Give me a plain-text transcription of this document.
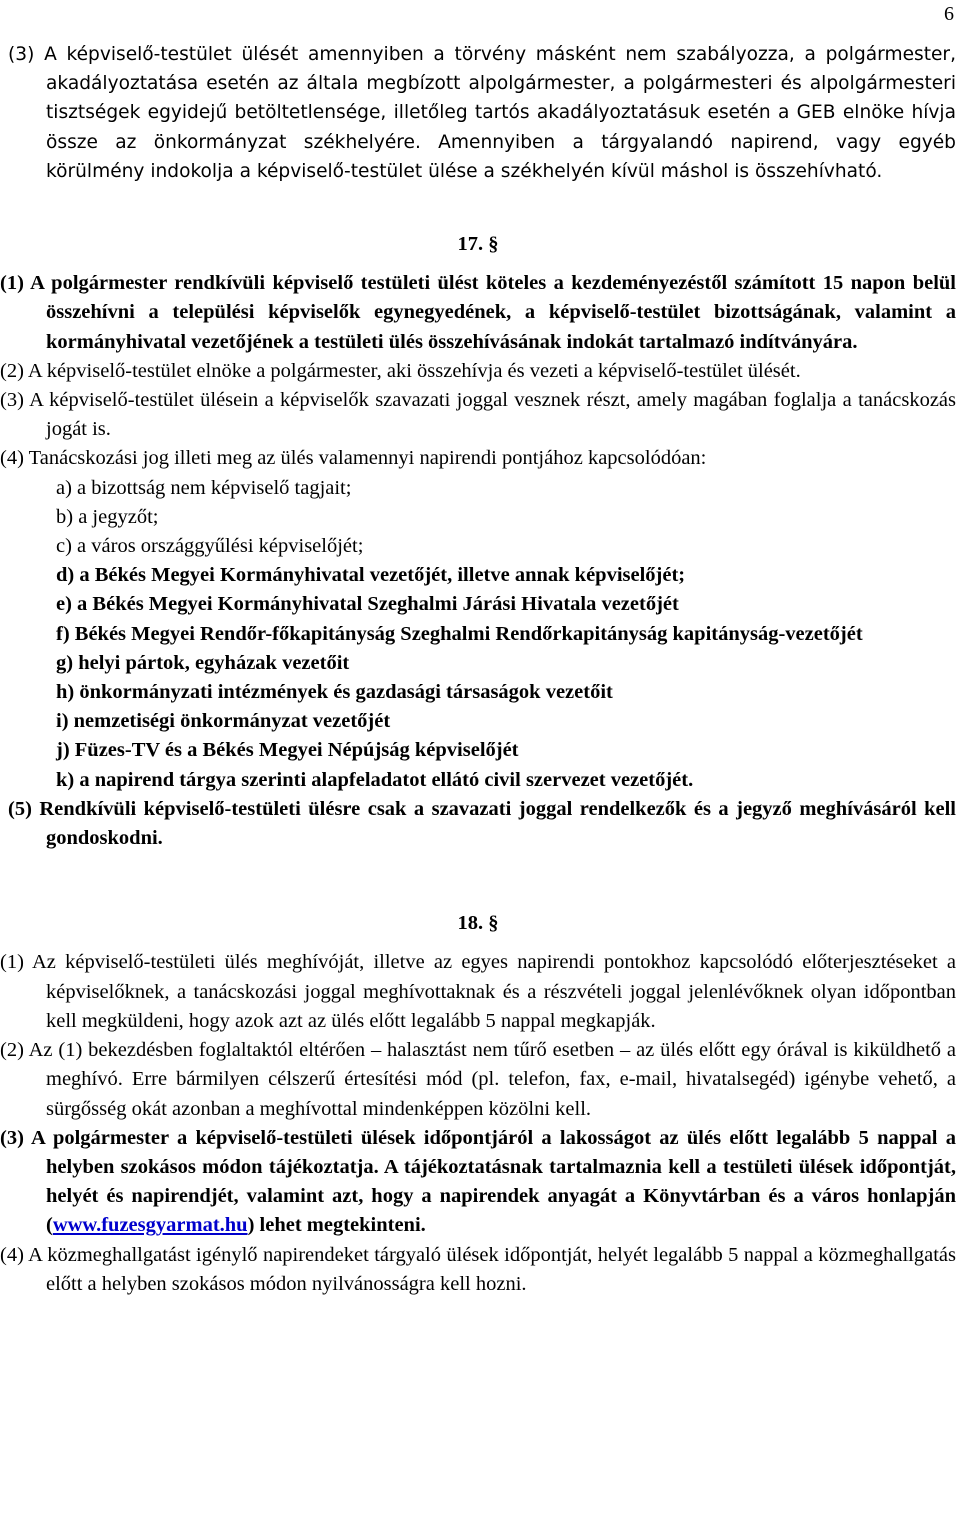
6

(3) A képviselő-testület ülését amennyiben a törvény másként nem szabályozza, a polgármester, akadályoztatása esetén az általa megbízott alpolgármester, a polgármesteri és alpolgármesteri tisztségek egyidejű betöltetlensége, illetőleg tartós akadályoztatásuk esetén a GEB elnöke hívja össze az önkormányzat székhelyére. Amennyiben a tárgyalandó napirend, vagy egyéb körülmény indokolja a képviselő-testület ülése a székhelyén kívül máshol is összehívható.

17. §

(1) A polgármester rendkívüli képviselő testületi ülést köteles a kezdeményezéstől számított 15 napon belül összehívni a települési képviselők egynegyedének, a képviselő-testület bizottságának, valamint a kormányhivatal vezetőjének a testületi ülés összehívásának indokát tartalmazó indítványára.

(2) A képviselő-testület elnöke a polgármester, aki összehívja és vezeti a képviselő-testület ülését.

(3) A képviselő-testület ülésein a képviselők szavazati joggal vesznek részt, amely magában foglalja a tanácskozás jogát is.

(4) Tanácskozási jog illeti meg az ülés valamennyi napirendi pontjához kapcsolódóan:

a) a bizottság nem képviselő tagjait;

b) a jegyzőt;

c) a város országgyűlési képviselőjét;

d) a Békés Megyei Kormányhivatal vezetőjét, illetve annak képviselőjét;

e) a Békés Megyei Kormányhivatal Szeghalmi Járási Hivatala vezetőjét

f) Békés Megyei Rendőr-főkapitányság Szeghalmi Rendőrkapitányság kapitányság-vezetőjét

g) helyi pártok, egyházak vezetőit

h) önkormányzati intézmények és gazdasági társaságok vezetőit

i) nemzetiségi önkormányzat vezetőjét

j) Füzes-TV és a Békés Megyei Népújság képviselőjét

k) a napirend tárgya szerinti alapfeladatot ellátó civil szervezet vezetőjét.

(5) Rendkívüli képviselő-testületi ülésre csak a szavazati joggal rendelkezők és a jegyző meghívásáról kell gondoskodni.

18. §

(1) Az képviselő-testületi ülés meghívóját, illetve az egyes napirendi pontokhoz kapcsolódó előterjesztéseket a képviselőknek, a tanácskozási joggal meghívottaknak és a részvételi joggal jelenlévőknek olyan időpontban kell megküldeni, hogy azok azt az ülés előtt legalább 5 nappal megkapják.

(2) Az (1) bekezdésben foglaltaktól eltérően – halasztást nem tűrő esetben – az ülés előtt egy órával is kiküldhető a meghívó. Erre bármilyen célszerű értesítési mód (pl. telefon, fax, e-mail, hivatalsegéd) igénybe vehető, a sürgősség okát azonban a meghívottal mindenképpen közölni kell.

(3) A polgármester a képviselő-testületi ülések időpontjáról a lakosságot az ülés előtt legalább 5 nappal a helyben szokásos módon tájékoztatja. A tájékoztatásnak tartalmaznia kell a testületi ülések időpontját, helyét és napirendjét, valamint azt, hogy a napirendek anyagát a Könyvtárban és a város honlapján (www.fuzesgyarmat.hu) lehet megtekinteni.

(4) A közmeghallgatást igénylő napirendeket tárgyaló ülések időpontját, helyét legalább 5 nappal a közmeghallgatás előtt a helyben szokásos módon nyilvánosságra kell hozni.
